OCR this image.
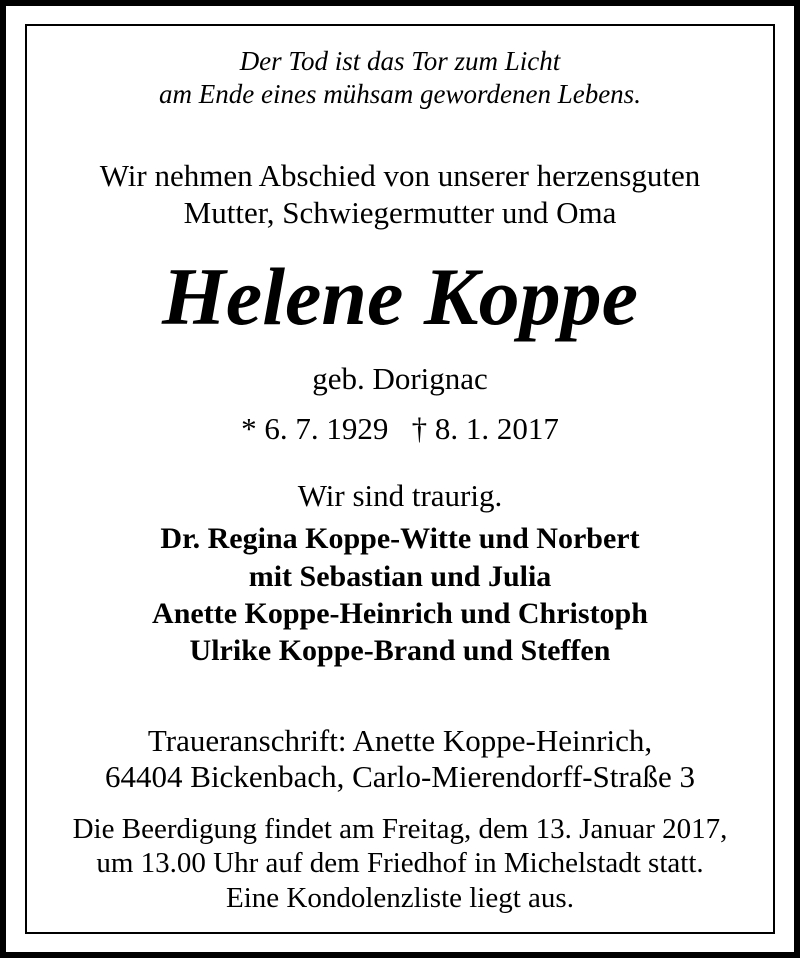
Der Tod ist das Tor zum Licht
am Ende eines mühsam gewordenen Lebens.
Wir nehmen Abschied von unserer herzensguten
Mutter, Schwiegermutter und Oma
Helene Koppe
geb. Dorignac
* 6. 7. 1929   † 8. 1. 2017
Wir sind traurig.
Dr. Regina Koppe-Witte und Norbert
mit Sebastian und Julia
Anette Koppe-Heinrich und Christoph
Ulrike Koppe-Brand und Steffen
Traueranschrift: Anette Koppe-Heinrich,
64404 Bickenbach, Carlo-Mierendorff-Straße 3
Die Beerdigung findet am Freitag, dem 13. Januar 2017,
um 13.00 Uhr auf dem Friedhof in Michelstadt statt.
Eine Kondolenzliste liegt aus.
